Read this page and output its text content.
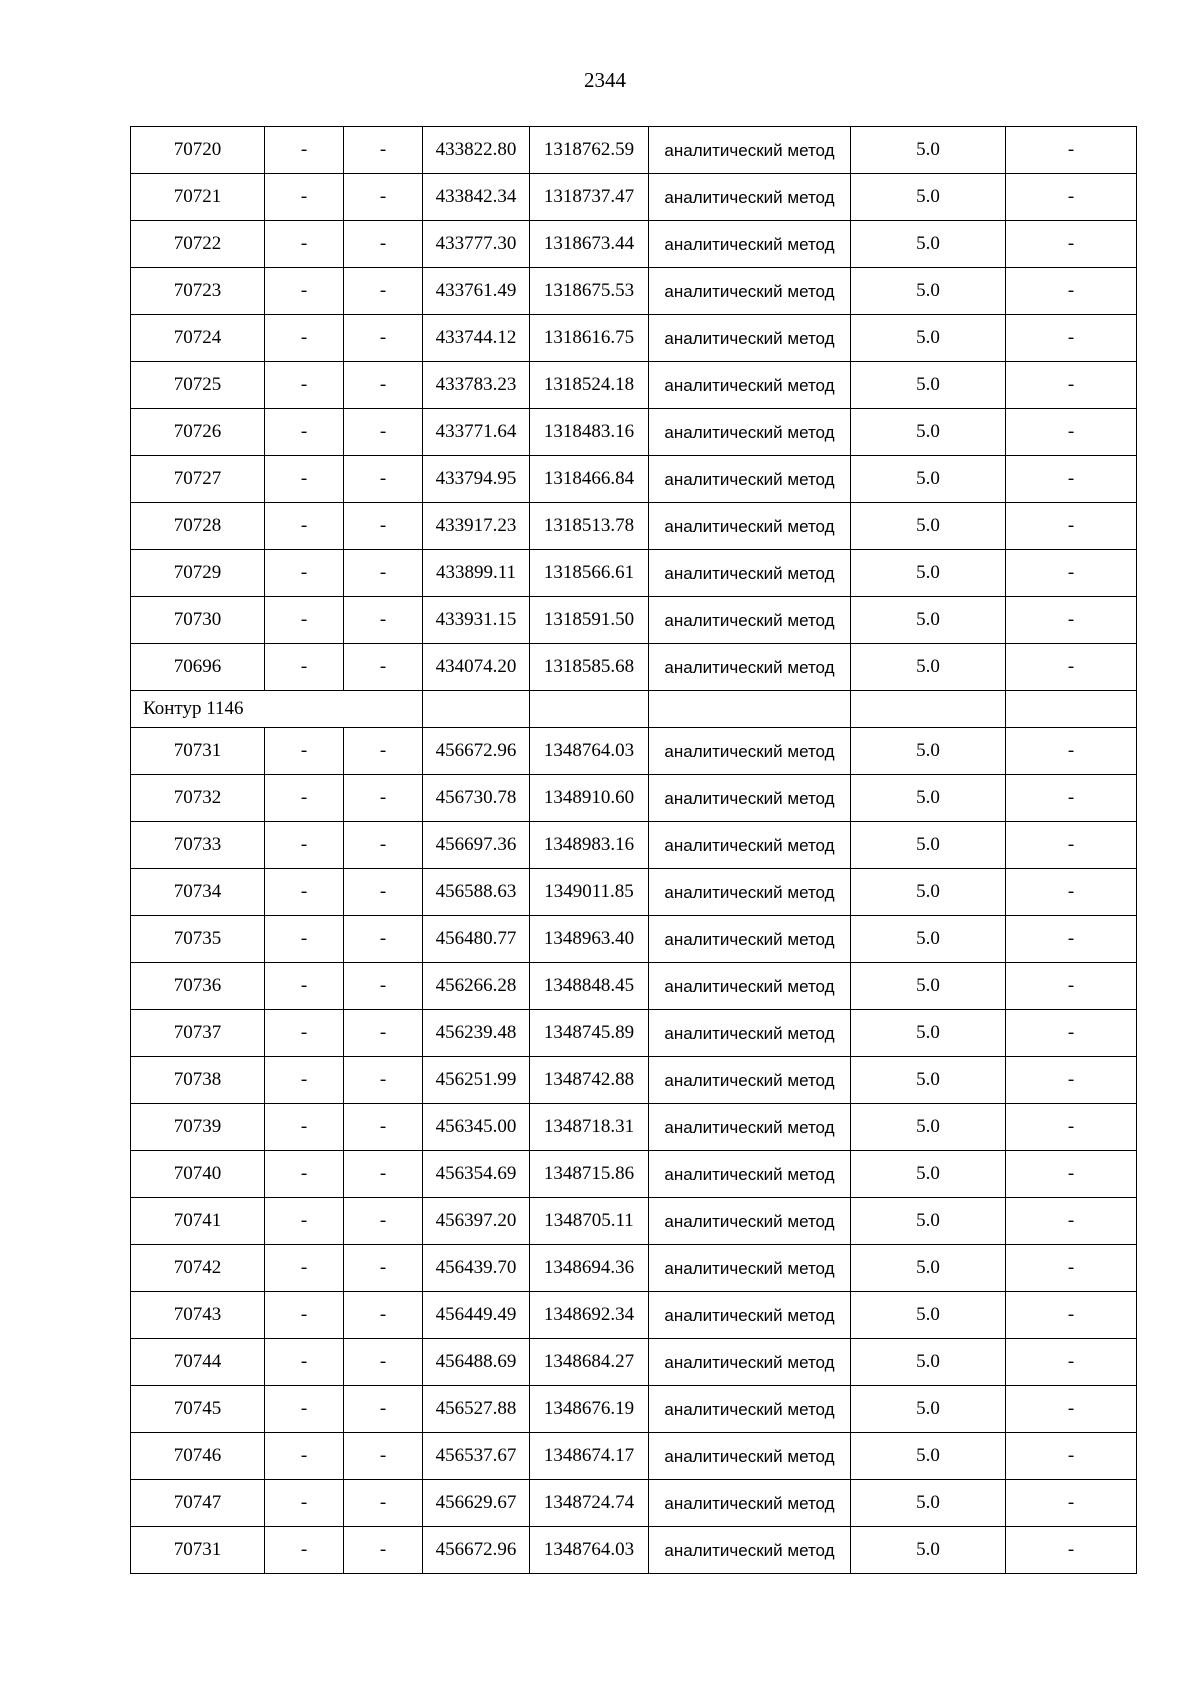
2344
70720	-	-	433822.80	1318762.59	аналитический метод	5.0	-
70721	-	-	433842.34	1318737.47	аналитический метод	5.0	-
70722	-	-	433777.30	1318673.44	аналитический метод	5.0	-
70723	-	-	433761.49	1318675.53	аналитический метод	5.0	-
70724	-	-	433744.12	1318616.75	аналитический метод	5.0	-
70725	-	-	433783.23	1318524.18	аналитический метод	5.0	-
70726	-	-	433771.64	1318483.16	аналитический метод	5.0	-
70727	-	-	433794.95	1318466.84	аналитический метод	5.0	-
70728	-	-	433917.23	1318513.78	аналитический метод	5.0	-
70729	-	-	433899.11	1318566.61	аналитический метод	5.0	-
70730	-	-	433931.15	1318591.50	аналитический метод	5.0	-
70696	-	-	434074.20	1318585.68	аналитический метод	5.0	-
Контур 1146							
70731	-	-	456672.96	1348764.03	аналитический метод	5.0	-
70732	-	-	456730.78	1348910.60	аналитический метод	5.0	-
70733	-	-	456697.36	1348983.16	аналитический метод	5.0	-
70734	-	-	456588.63	1349011.85	аналитический метод	5.0	-
70735	-	-	456480.77	1348963.40	аналитический метод	5.0	-
70736	-	-	456266.28	1348848.45	аналитический метод	5.0	-
70737	-	-	456239.48	1348745.89	аналитический метод	5.0	-
70738	-	-	456251.99	1348742.88	аналитический метод	5.0	-
70739	-	-	456345.00	1348718.31	аналитический метод	5.0	-
70740	-	-	456354.69	1348715.86	аналитический метод	5.0	-
70741	-	-	456397.20	1348705.11	аналитический метод	5.0	-
70742	-	-	456439.70	1348694.36	аналитический метод	5.0	-
70743	-	-	456449.49	1348692.34	аналитический метод	5.0	-
70744	-	-	456488.69	1348684.27	аналитический метод	5.0	-
70745	-	-	456527.88	1348676.19	аналитический метод	5.0	-
70746	-	-	456537.67	1348674.17	аналитический метод	5.0	-
70747	-	-	456629.67	1348724.74	аналитический метод	5.0	-
70731	-	-	456672.96	1348764.03	аналитический метод	5.0	-
